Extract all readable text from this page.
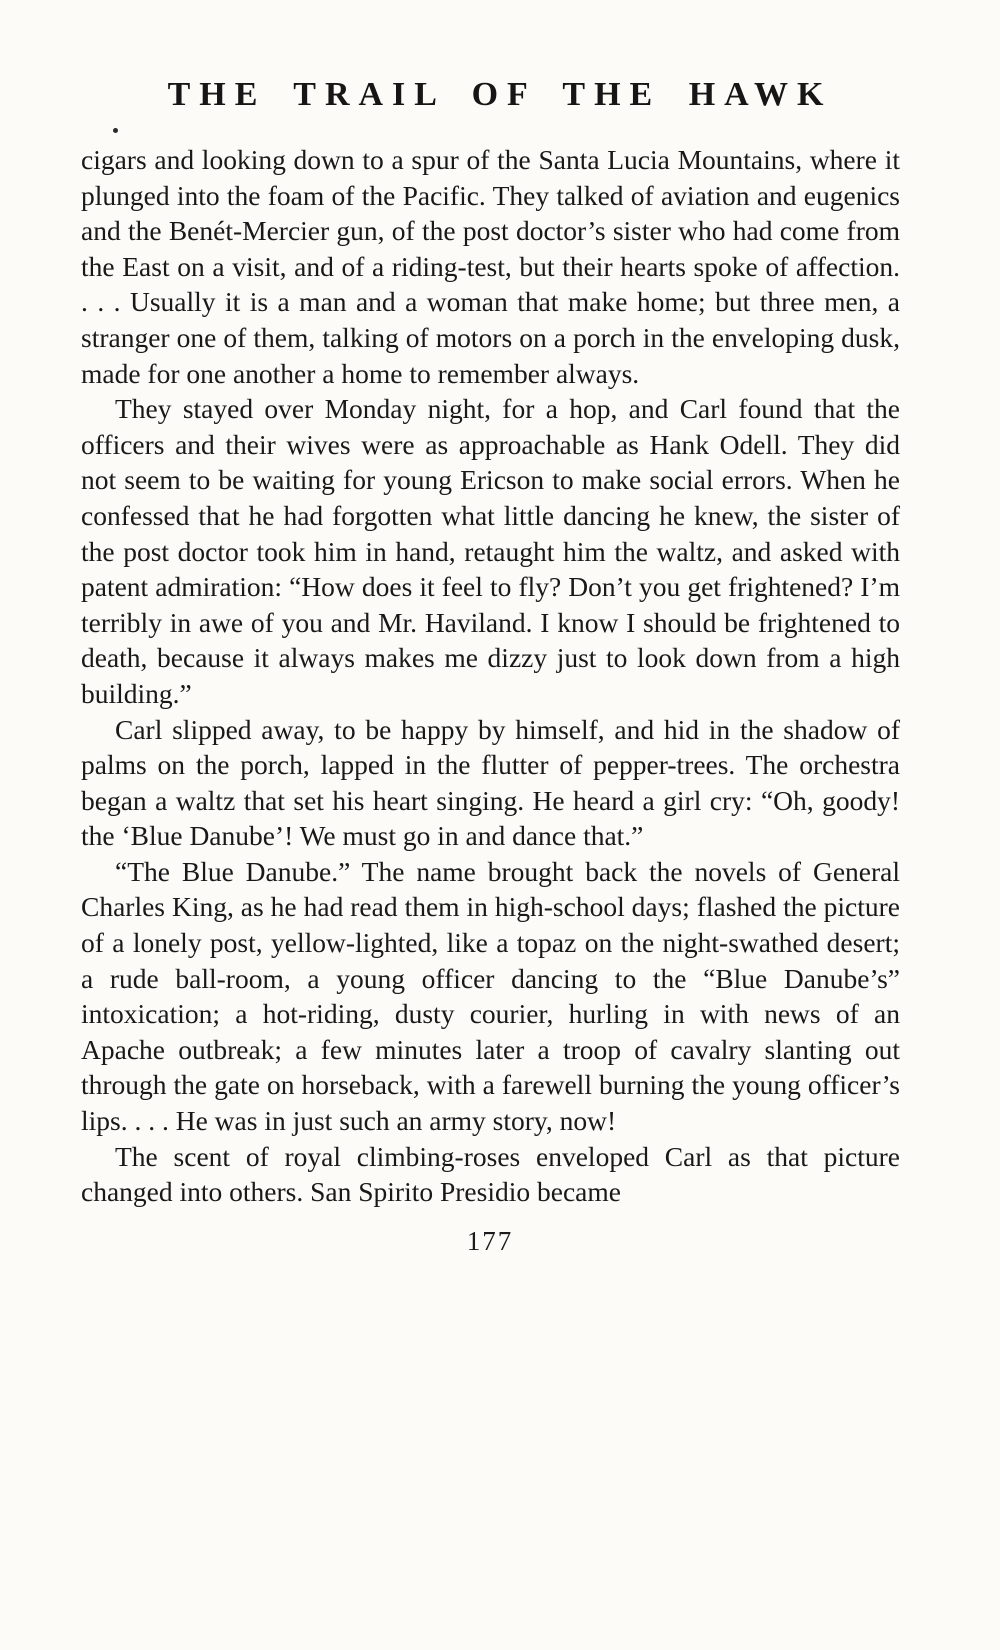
THE TRAIL OF THE HAWK

cigars and looking down to a spur of the Santa Lucia Mountains, where it plunged into the foam of the Pacific. They talked of aviation and eugenics and the Benét-Mercier gun, of the post doctor’s sister who had come from the East on a visit, and of a riding-test, but their hearts spoke of affection. . . . Usually it is a man and a woman that make home; but three men, a stranger one of them, talking of motors on a porch in the enveloping dusk, made for one another a home to remember always.

They stayed over Monday night, for a hop, and Carl found that the officers and their wives were as approachable as Hank Odell. They did not seem to be waiting for young Ericson to make social errors. When he confessed that he had forgotten what little dancing he knew, the sister of the post doctor took him in hand, retaught him the waltz, and asked with patent admiration: “How does it feel to fly? Don’t you get frightened? I’m terribly in awe of you and Mr. Haviland. I know I should be frightened to death, because it always makes me dizzy just to look down from a high building.”

Carl slipped away, to be happy by himself, and hid in the shadow of palms on the porch, lapped in the flutter of pepper-trees. The orchestra began a waltz that set his heart singing. He heard a girl cry: “Oh, goody! the ‘Blue Danube’! We must go in and dance that.”

“The Blue Danube.” The name brought back the novels of General Charles King, as he had read them in high-school days; flashed the picture of a lonely post, yellow-lighted, like a topaz on the night-swathed desert; a rude ball-room, a young officer dancing to the “Blue Danube’s” intoxication; a hot-riding, dusty courier, hurling in with news of an Apache outbreak; a few minutes later a troop of cavalry slanting out through the gate on horseback, with a farewell burning the young officer’s lips. . . . He was in just such an army story, now!

The scent of royal climbing-roses enveloped Carl as that picture changed into others. San Spirito Presidio became

177
